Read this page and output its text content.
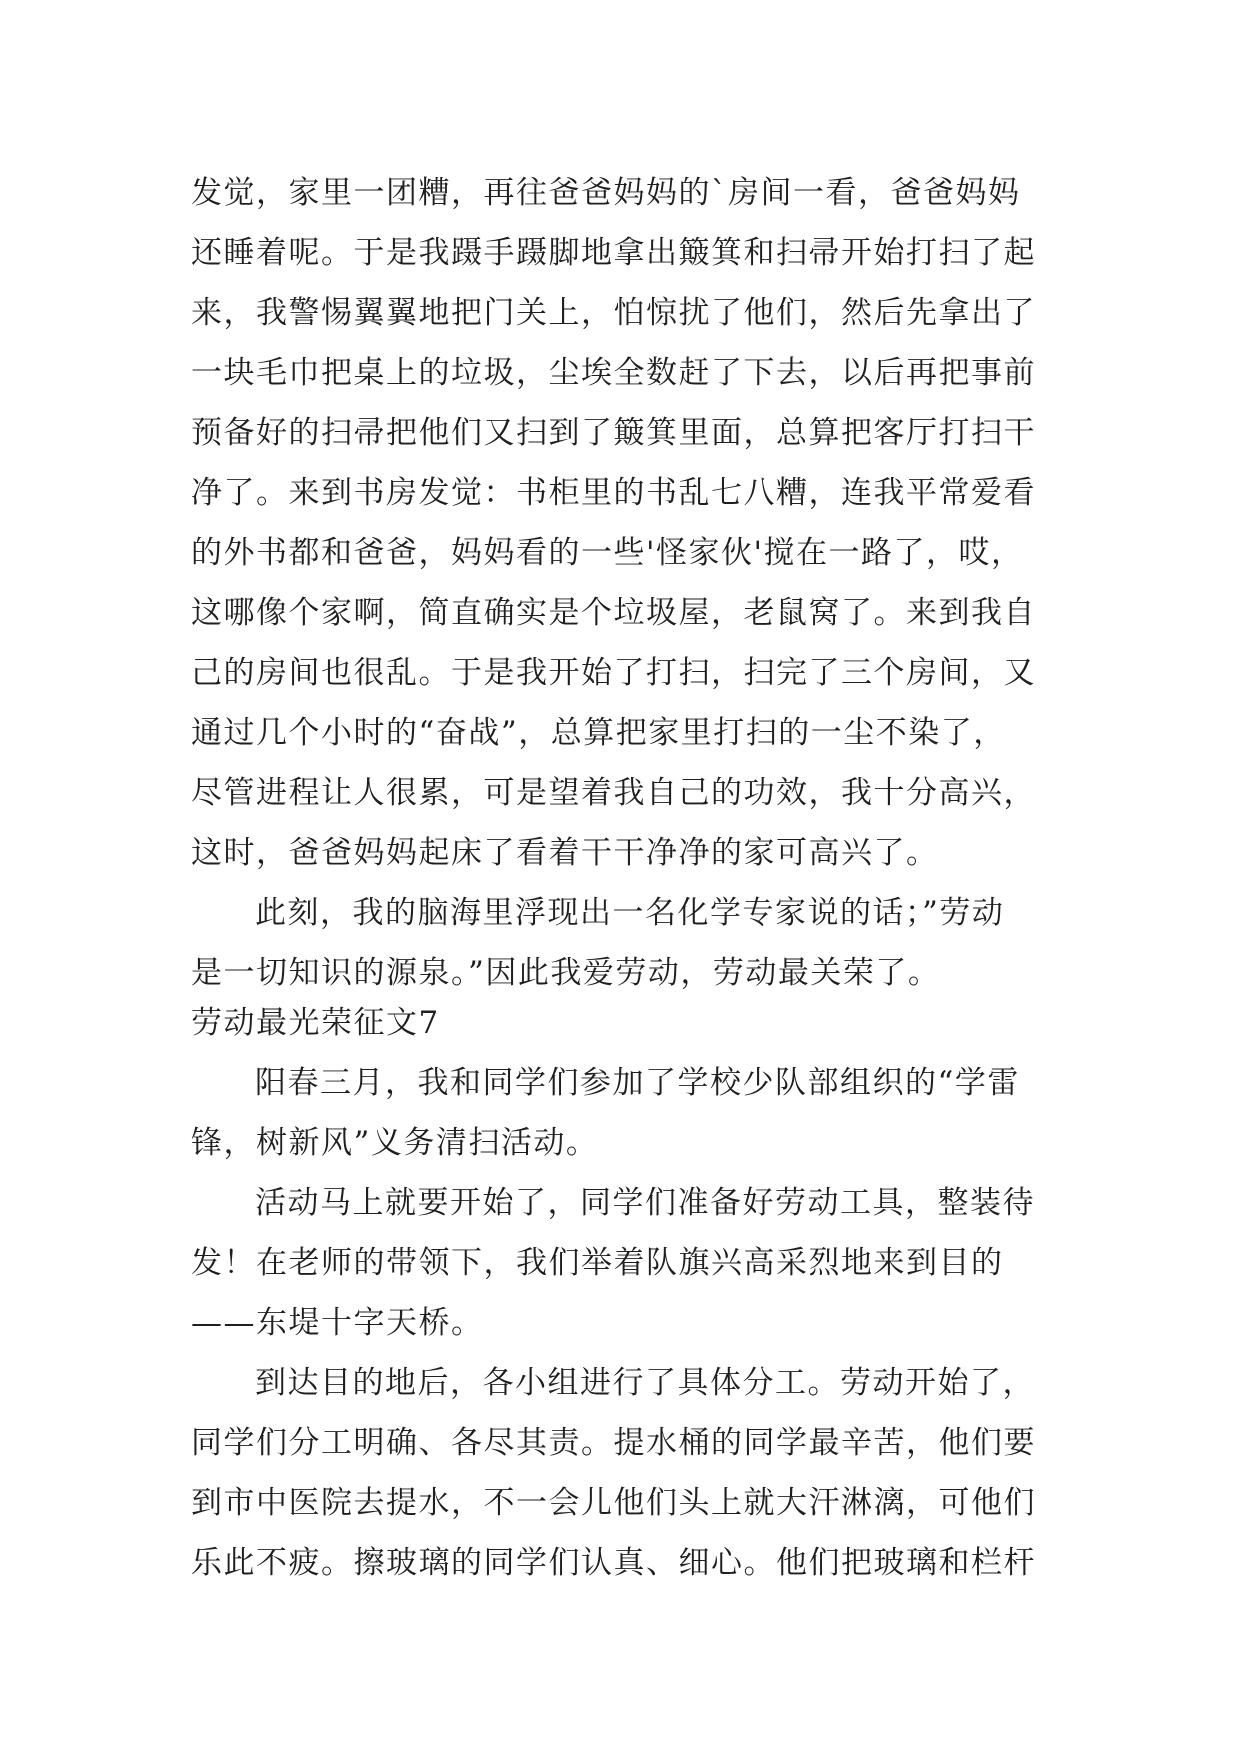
发觉，家里一团糟，再往爸爸妈妈的`房间一看，爸爸妈妈
还睡着呢。于是我蹑手蹑脚地拿出簸箕和扫帚开始打扫了起
来，我警惕翼翼地把门关上，怕惊扰了他们，然后先拿出了
一块毛巾把桌上的垃圾，尘埃全数赶了下去，以后再把事前
预备好的扫帚把他们又扫到了簸箕里面，总算把客厅打扫干
净了。来到书房发觉：书柜里的书乱七八糟，连我平常爱看
的外书都和爸爸，妈妈看的一些'怪家伙'搅在一路了，哎，
这哪像个家啊，简直确实是个垃圾屋，老鼠窝了。来到我自
己的房间也很乱。于是我开始了打扫，扫完了三个房间，又
通过几个小时的“奋战”，总算把家里打扫的一尘不染了，
尽管进程让人很累，可是望着我自己的功效，我十分高兴，
这时，爸爸妈妈起床了看着干干净净的家可高兴了。
此刻，我的脑海里浮现出一名化学专家说的话；”劳动
是一切知识的源泉。”因此我爱劳动，劳动最关荣了。
劳动最光荣征文7
阳春三月，我和同学们参加了学校少队部组织的“学雷
锋，树新风”义务清扫活动。
活动马上就要开始了，同学们准备好劳动工具，整装待
发！在老师的带领下，我们举着队旗兴高采烈地来到目的
——东堤十字天桥。
到达目的地后，各小组进行了具体分工。劳动开始了，
同学们分工明确、各尽其责。提水桶的同学最辛苦，他们要
到市中医院去提水，不一会儿他们头上就大汗淋漓，可他们
乐此不疲。擦玻璃的同学们认真、细心。他们把玻璃和栏杆
